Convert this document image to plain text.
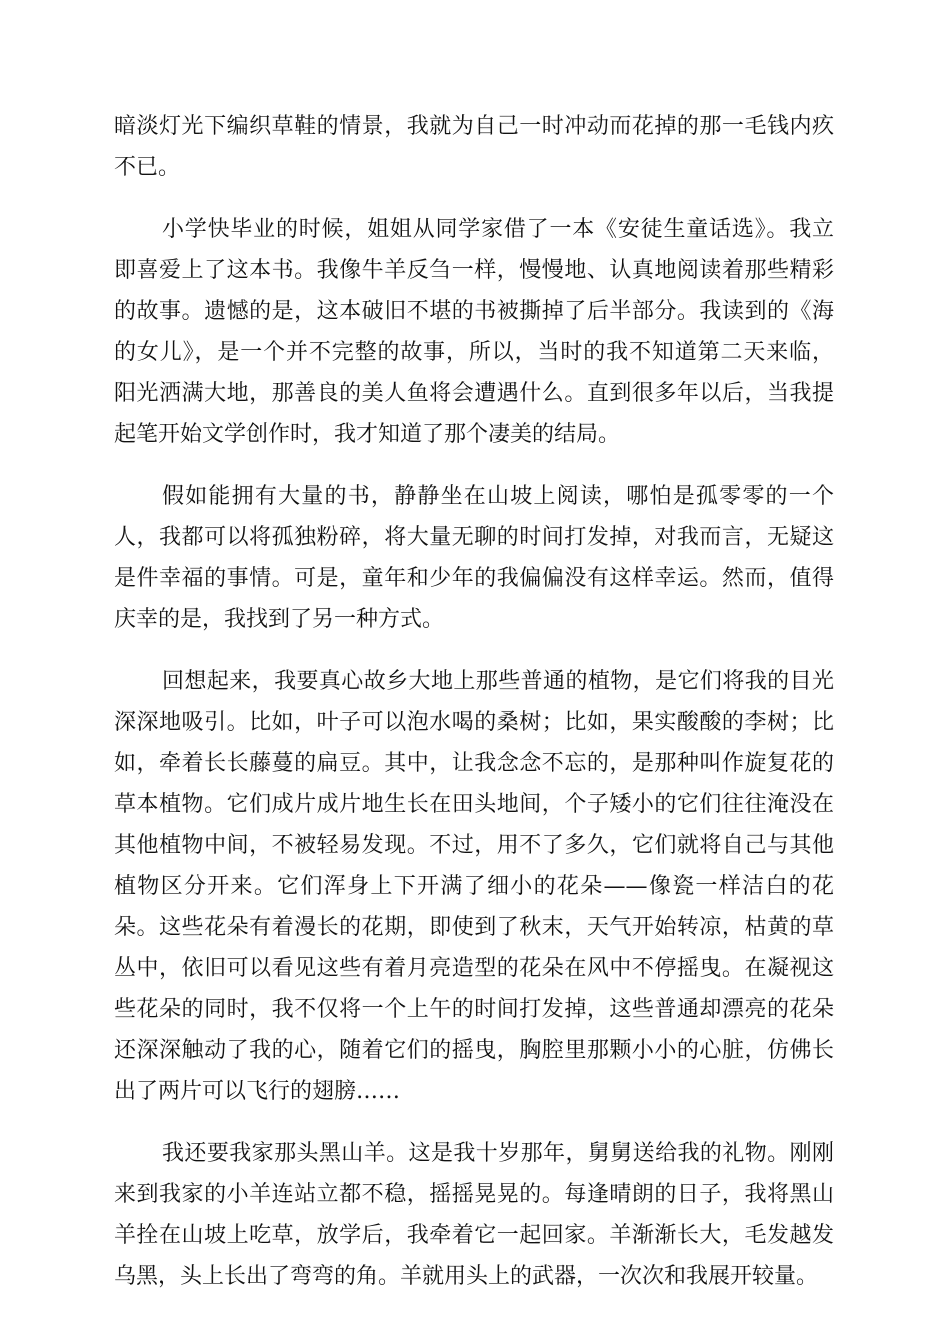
暗淡灯光下编织草鞋的情景，我就为自己一时冲动而花掉的那一毛钱内疚
不已。
小学快毕业的时候，姐姐从同学家借了一本《安徒生童话选》。我立
即喜爱上了这本书。我像牛羊反刍一样，慢慢地、认真地阅读着那些精彩
的故事。遗憾的是，这本破旧不堪的书被撕掉了后半部分。我读到的《海
的女儿》，是一个并不完整的故事，所以，当时的我不知道第二天来临，
阳光洒满大地，那善良的美人鱼将会遭遇什么。直到很多年以后，当我提
起笔开始文学创作时，我才知道了那个凄美的结局。
假如能拥有大量的书，静静坐在山坡上阅读，哪怕是孤零零的一个
人，我都可以将孤独粉碎，将大量无聊的时间打发掉，对我而言，无疑这
是件幸福的事情。可是，童年和少年的我偏偏没有这样幸运。然而，值得
庆幸的是，我找到了另一种方式。
回想起来，我要真心故乡大地上那些普通的植物，是它们将我的目光
深深地吸引。比如，叶子可以泡水喝的桑树；比如，果实酸酸的李树；比
如，牵着长长藤蔓的扁豆。其中，让我念念不忘的，是那种叫作旋复花的
草本植物。它们成片成片地生长在田头地间，个子矮小的它们往往淹没在
其他植物中间，不被轻易发现。不过，用不了多久，它们就将自己与其他
植物区分开来。它们浑身上下开满了细小的花朵——像瓷一样洁白的花
朵。这些花朵有着漫长的花期，即使到了秋末，天气开始转凉，枯黄的草
丛中，依旧可以看见这些有着月亮造型的花朵在风中不停摇曳。在凝视这
些花朵的同时，我不仅将一个上午的时间打发掉，这些普通却漂亮的花朵
还深深触动了我的心，随着它们的摇曳，胸腔里那颗小小的心脏，仿佛长
出了两片可以飞行的翅膀……
我还要我家那头黑山羊。这是我十岁那年，舅舅送给我的礼物。刚刚
来到我家的小羊连站立都不稳，摇摇晃晃的。每逢晴朗的日子，我将黑山
羊拴在山坡上吃草，放学后，我牵着它一起回家。羊渐渐长大，毛发越发
乌黑，头上长出了弯弯的角。羊就用头上的武器，一次次和我展开较量。
